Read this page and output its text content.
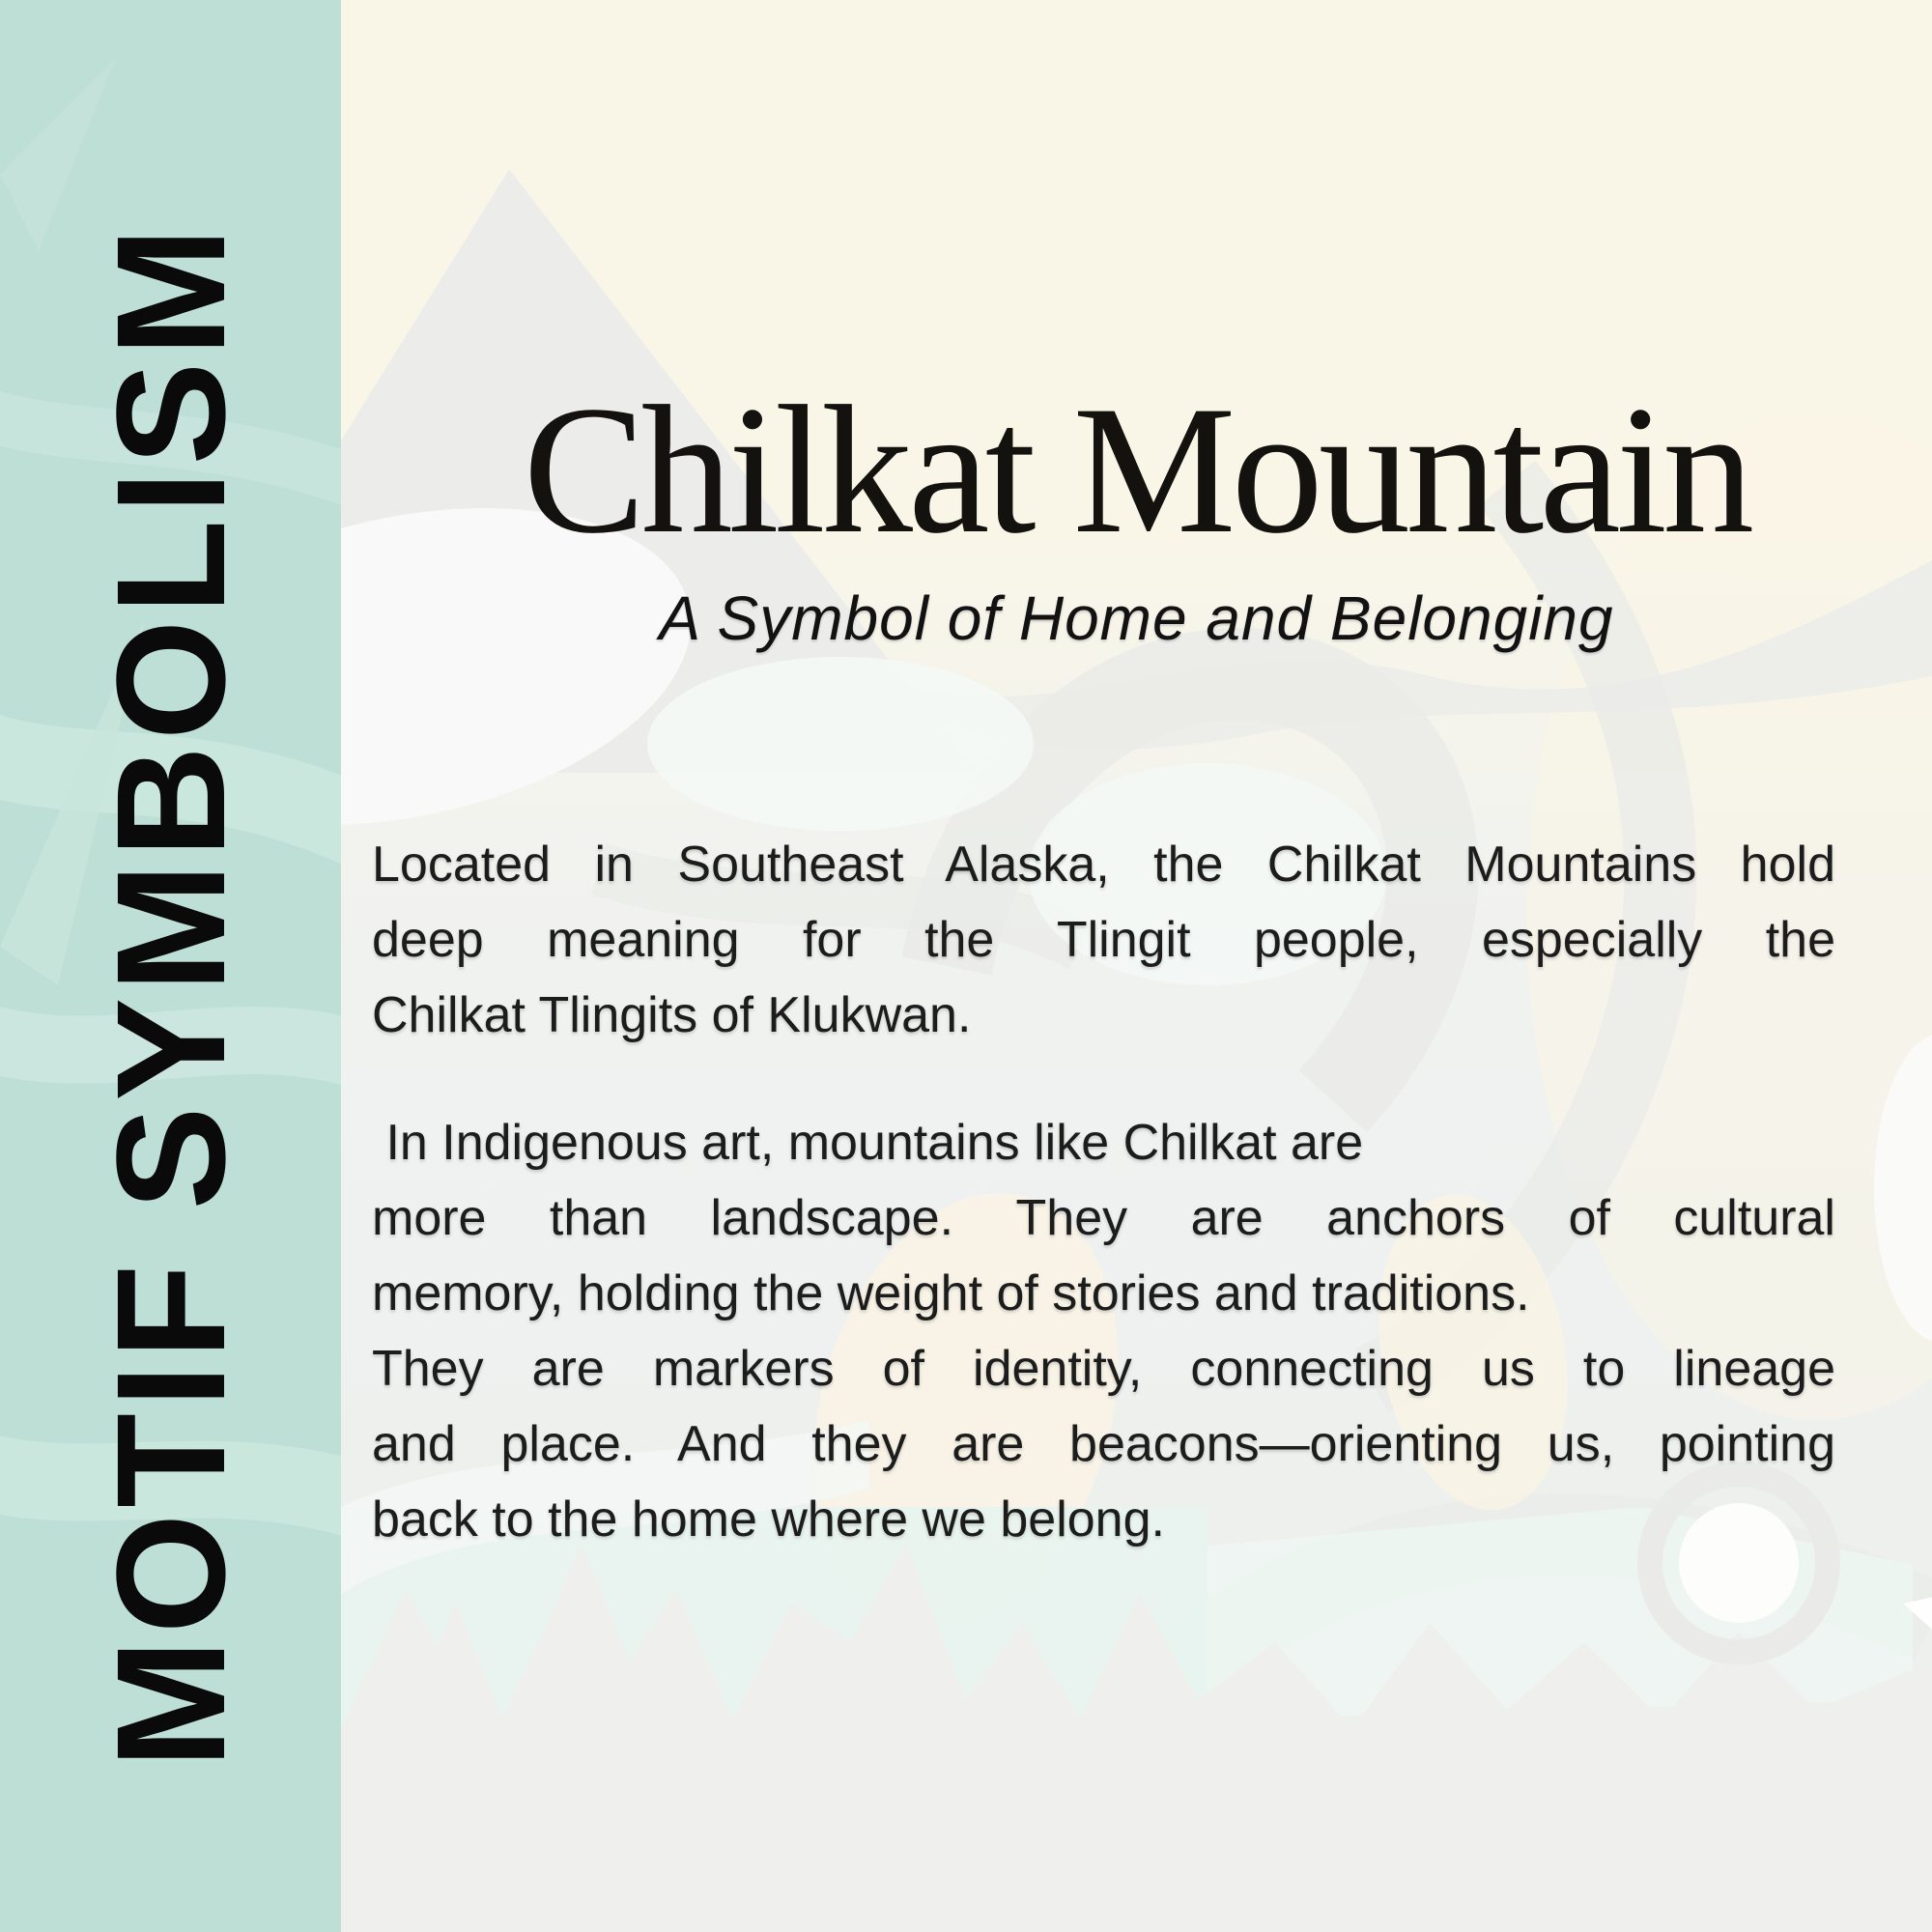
MOTIF SYMBOLISM	Chilkat Mountain
A Symbol of Home and Belonging
Located in Southeast Alaska, the Chilkat Mountains hold
deep meaning for the Tlingit people, especially the
Chilkat Tlingits of Klukwan.
In Indigenous art, mountains like Chilkat are
more than landscape. They are anchors of cultural
memory, holding the weight of stories and traditions.
They are markers of identity, connecting us to lineage
and place. And they are beacons—orienting us, pointing
back to the home where we belong.
